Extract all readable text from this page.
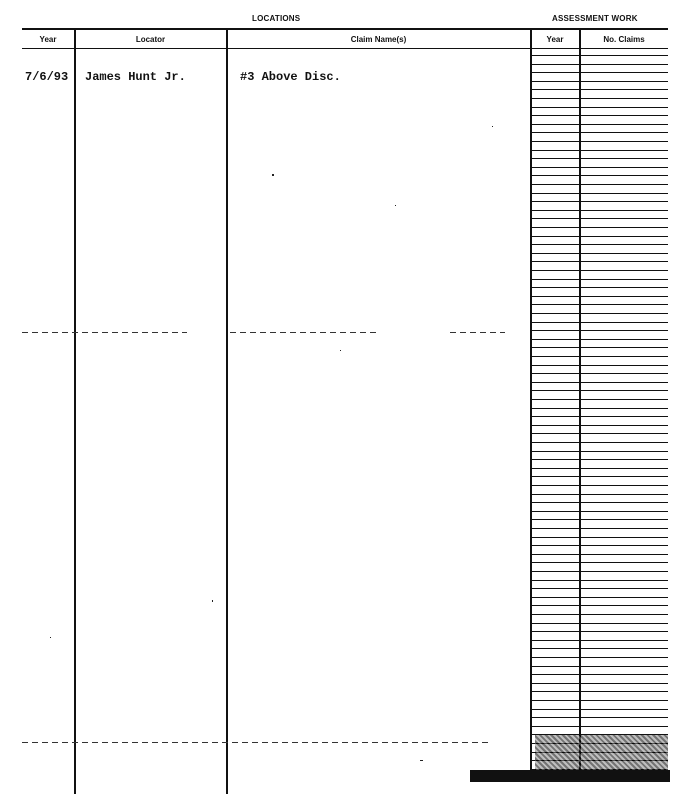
LOCATIONS	ASSESSMENT WORK
Year	Locator	Claim Name(s)	Year	No. Claims
7/6/93 James Hunt Jr.	#3 Above Disc.
